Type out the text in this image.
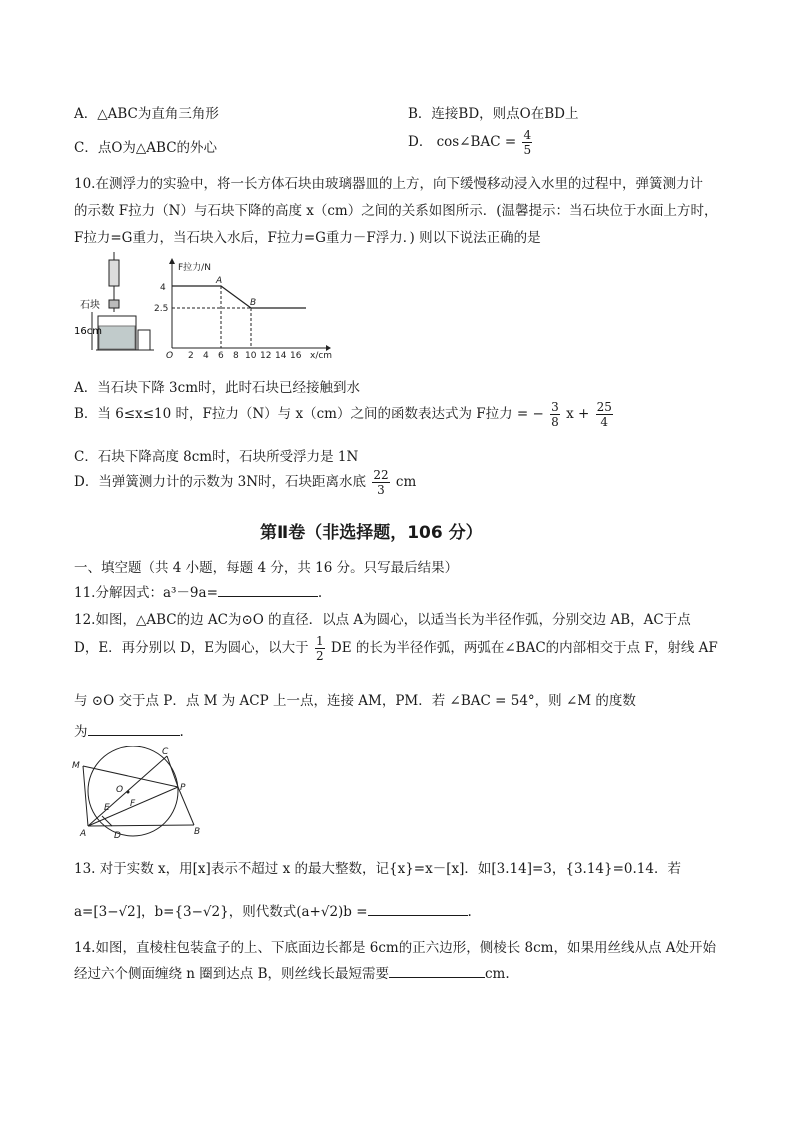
A．△ABC为直角三角形	B．连接BD，则点O在BD上
C．点O为△ABC的外心	D． cos∠BAC = $\frac{4}{5}$
10.在测浮力的实验中，将一长方体石块由玻璃器皿的上方，向下缓慢移动浸入水里的过程中，弹簧测力计
的示数 F拉力（N）与石块下降的高度 x（cm）之间的关系如图所示．(温馨提示：当石块位于水面上方时，
F拉力=G重力，当石块入水后，F拉力=G重力－F浮力．) 则以下说法正确的是
石块
16cm
F拉力/N
x/cm
O
4
2.5
2 4 6 8 10 12 14 16
A
B
A．当石块下降 3cm时，此时石块已经接触到水
B．当 6≤x≤10 时，F拉力（N）与 x（cm）之间的函数表达式为 F拉力 = − $\frac{3}{8}$ $x + \frac{25}{4}$
C．石块下降高度 8cm时，石块所受浮力是 1N
D．当弹簧测力计的示数为 3N时，石块距离水底 $\frac{22}{3}$ cm
第Ⅱ卷（非选择题，106 分）
一、填空题（共 4 小题，每题 4 分，共 16 分。只写最后结果）
11.分解因式：a³－9a=	.
12.如图，△ABC的边 AC为⊙O 的直径．以点 A为圆心，以适当长为半径作弧，分别交边 AB，AC于点
D，E．再分别以 D，E为圆心，以大于 $\frac{1}{2}$ DE 的长为半径作弧，两弧在∠BAC的内部相交于点 F，射线 AF
与 ⊙O 交于点 P．点 M 为 ACP 上一点，连接 AM，PM．若 ∠BAC = 54°，则 ∠M 的度数
为	.
M
C
O	P
E F
A	D	B
13. 对于实数 x，用[x]表示不超过 x 的最大整数，记{x}=x－[x]．如[3.14]=3，{3.14}=0.14．若
a=[3−√2]，b={3−√2}，则代数式(a+√2)b =	.
14.如图，直棱柱包装盒子的上、下底面边长都是 6cm的正六边形，侧棱长 8cm，如果用丝线从点 A处开始
经过六个侧面缠绕 n 圈到达点 B，则丝线长最短需要	cm.
